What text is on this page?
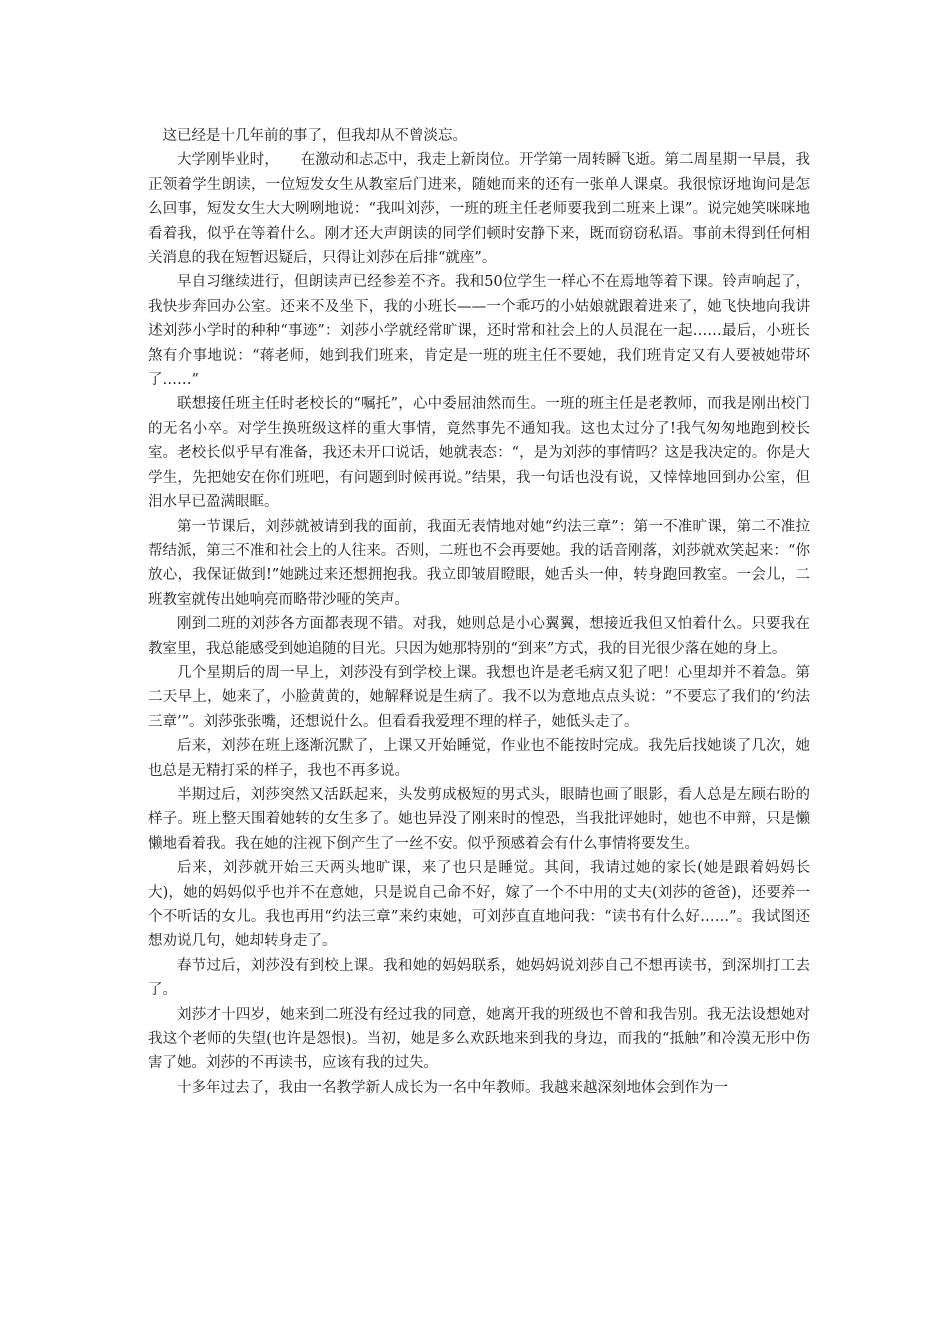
这已经是十几年前的事了，但我却从不曾淡忘。

大学刚毕业时，　　在激动和忐忑中，我走上新岗位。开学第一周转瞬飞逝。第二周星期一早晨，我正领着学生朗读，一位短发女生从教室后门进来，随她而来的还有一张单人课桌。我很惊讶地询问是怎么回事，短发女生大大咧咧地说：“我叫刘莎，一班的班主任老师要我到二班来上课”。说完她笑咪咪地看着我，似乎在等着什么。刚才还大声朗读的同学们顿时安静下来，既而窃窃私语。事前未得到任何相关消息的我在短暂迟疑后，只得让刘莎在后排“就座”。

早自习继续进行，但朗读声已经参差不齐。我和50位学生一样心不在焉地等着下课。铃声响起了，我快步奔回办公室。还来不及坐下，我的小班长——一个乖巧的小姑娘就跟着进来了，她飞快地向我讲述刘莎小学时的种种“事迹”：刘莎小学就经常旷课，还时常和社会上的人员混在一起……最后，小班长煞有介事地说：“蒋老师，她到我们班来，肯定是一班的班主任不要她，我们班肯定又有人要被她带坏了……”

联想接任班主任时老校长的“嘱托”，心中委屈油然而生。一班的班主任是老教师，而我是刚出校门的无名小卒。对学生换班级这样的重大事情，竟然事先不通知我。这也太过分了!我气匆匆地跑到校长室。老校长似乎早有准备，我还未开口说话，她就表态：“，是为刘莎的事情吗？这是我决定的。你是大学生，先把她安在你们班吧，有问题到时候再说。”结果，我一句话也没有说，又悻悻地回到办公室，但泪水早已盈满眼眶。

第一节课后，刘莎就被请到我的面前，我面无表情地对她“约法三章”：第一不准旷课，第二不准拉帮结派，第三不准和社会上的人往来。否则，二班也不会再要她。我的话音刚落，刘莎就欢笑起来：“你放心，我保证做到!”她跳过来还想拥抱我。我立即皱眉瞪眼，她舌头一伸，转身跑回教室。一会儿，二班教室就传出她响亮而略带沙哑的笑声。

刚到二班的刘莎各方面都表现不错。对我，她则总是小心翼翼，想接近我但又怕着什么。只要我在教室里，我总能感受到她追随的目光。只因为她那特别的“到来”方式，我的目光很少落在她的身上。

几个星期后的周一早上，刘莎没有到学校上课。我想也许是老毛病又犯了吧！心里却并不着急。第二天早上，她来了，小脸黄黄的，她解释说是生病了。我不以为意地点点头说：“不要忘了我们的‘约法三章’”。刘莎张张嘴，还想说什么。但看看我爱理不理的样子，她低头走了。

后来，刘莎在班上逐渐沉默了，上课又开始睡觉，作业也不能按时完成。我先后找她谈了几次，她也总是无精打采的样子，我也不再多说。

半期过后，刘莎突然又活跃起来，头发剪成极短的男式头，眼睛也画了眼影，看人总是左顾右盼的样子。班上整天围着她转的女生多了。她也异没了刚来时的惶恐，当我批评她时，她也不申辩，只是懒懒地看着我。我在她的注视下倒产生了一丝不安。似乎预感着会有什么事情将要发生。

后来，刘莎就开始三天两头地旷课，来了也只是睡觉。其间，我请过她的家长(她是跟着妈妈长大)，她的妈妈似乎也并不在意她，只是说自己命不好，嫁了一个不中用的丈夫(刘莎的爸爸)，还要养一个不听话的女儿。我也再用“约法三章”来约束她，可刘莎直直地问我：“读书有什么好……”。我试图还想劝说几句，她却转身走了。

春节过后，刘莎没有到校上课。我和她的妈妈联系，她妈妈说刘莎自己不想再读书，到深圳打工去了。

刘莎才十四岁，她来到二班没有经过我的同意，她离开我的班级也不曾和我告别。我无法设想她对我这个老师的失望(也许是怨恨)。当初，她是多么欢跃地来到我的身边，而我的“抵触”和冷漠无形中伤害了她。刘莎的不再读书，应该有我的过失。

十多年过去了，我由一名教学新人成长为一名中年教师。我越来越深刻地体会到作为一
